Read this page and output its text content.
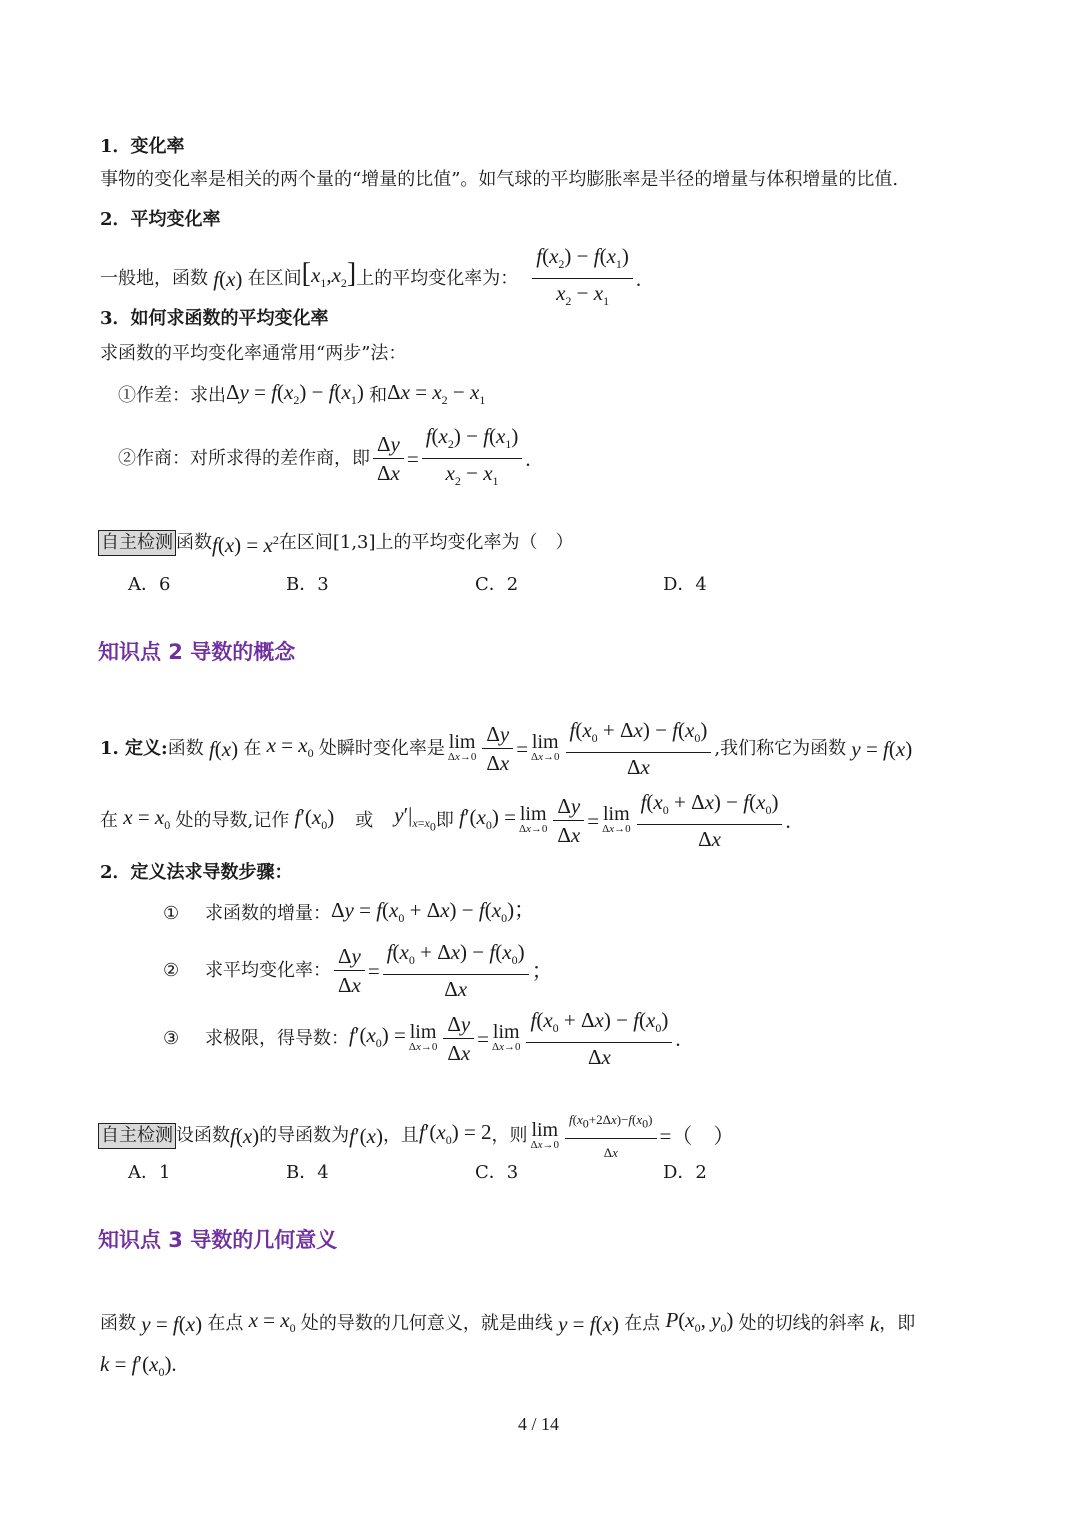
1．变化率
事物的变化率是相关的两个量的“增量的比值”。如气球的平均膨胀率是半径的增量与体积增量的比值.
2．平均变化率
一般地，函数 f(x) 在区间 $[x_1,x_2]$ 上的平均变化率为： $\frac{f(x_2) - f(x_1)}{x_2 - x_1}$ .
3．如何求函数的平均变化率
求函数的平均变化率通常用“两步”法：
①作差：求出 $\Delta y = f(x_2) - f(x_1)$ 和 $\Delta x = x_2 - x_1$
②作商：对所求得的差作商，即 $\frac{\Delta y}{\Delta x} = \frac{f(x_2) - f(x_1)}{x_2 - x_1}$ .
自主检测 函数 $f(x) = x^2$ 在区间[1,3]上的平均变化率为（　）
A．6	B．3	C．2	D．4
知识点 2 导数的概念
1. 定义: 函数 f(x) 在 $x = x_0$ 处瞬时变化率是 lim
$\Delta x\to 0 \frac{\Delta y}{\Delta x} = \lim$
$\Delta x\to 0 \frac{f(x_0 + \Delta x) - f(x_0)}{\Delta x}$ ,我们称它为函数 y = f(x)
在 $x = x_0$ 处的导数,记作 $f'(x_0)$ 或	$y'|_{x=x_0}$ 即 $f'(x_0) = \lim$
$\Delta x\to 0 \frac{\Delta y}{\Delta x} = \lim$
$\Delta x\to 0 \frac{f(x_0 + \Delta x) - f(x_0)}{\Delta x}$ .
2．定义法求导数步骤：
①	求函数的增量： $\Delta y = f(x_0 + \Delta x) - f(x_0)$；
②	求平均变化率： $\frac{\Delta y}{\Delta x} = \frac{f(x_0 + \Delta x) - f(x_0)}{\Delta x}$ ；
③	求极限，得导数： $f'(x_0) = \lim$
$\Delta x\to 0 \frac{\Delta y}{\Delta x} = \lim$
$\Delta x\to 0 \frac{f(x_0 + \Delta x) - f(x_0)}{\Delta x}$ .
自主检测 设函数 f(x) 的导函数为 f′(x) ，且 $f'(x_0) = 2$ ，则 lim
$\Delta x\to 0 \frac{f(x_0+2\Delta x)-f(x_0)}{\Delta x}$ =（　）
A．1	B．4	C．3	D．2
知识点 3 导数的几何意义
函数 y = f(x) 在点 $x = x_0$ 处的导数的几何意义，就是曲线 y = f(x) 在点 $P(x_0$, $y_0$) 处的切线的斜率 k ，即
$k = f'(x_0)$.
4 / 14
